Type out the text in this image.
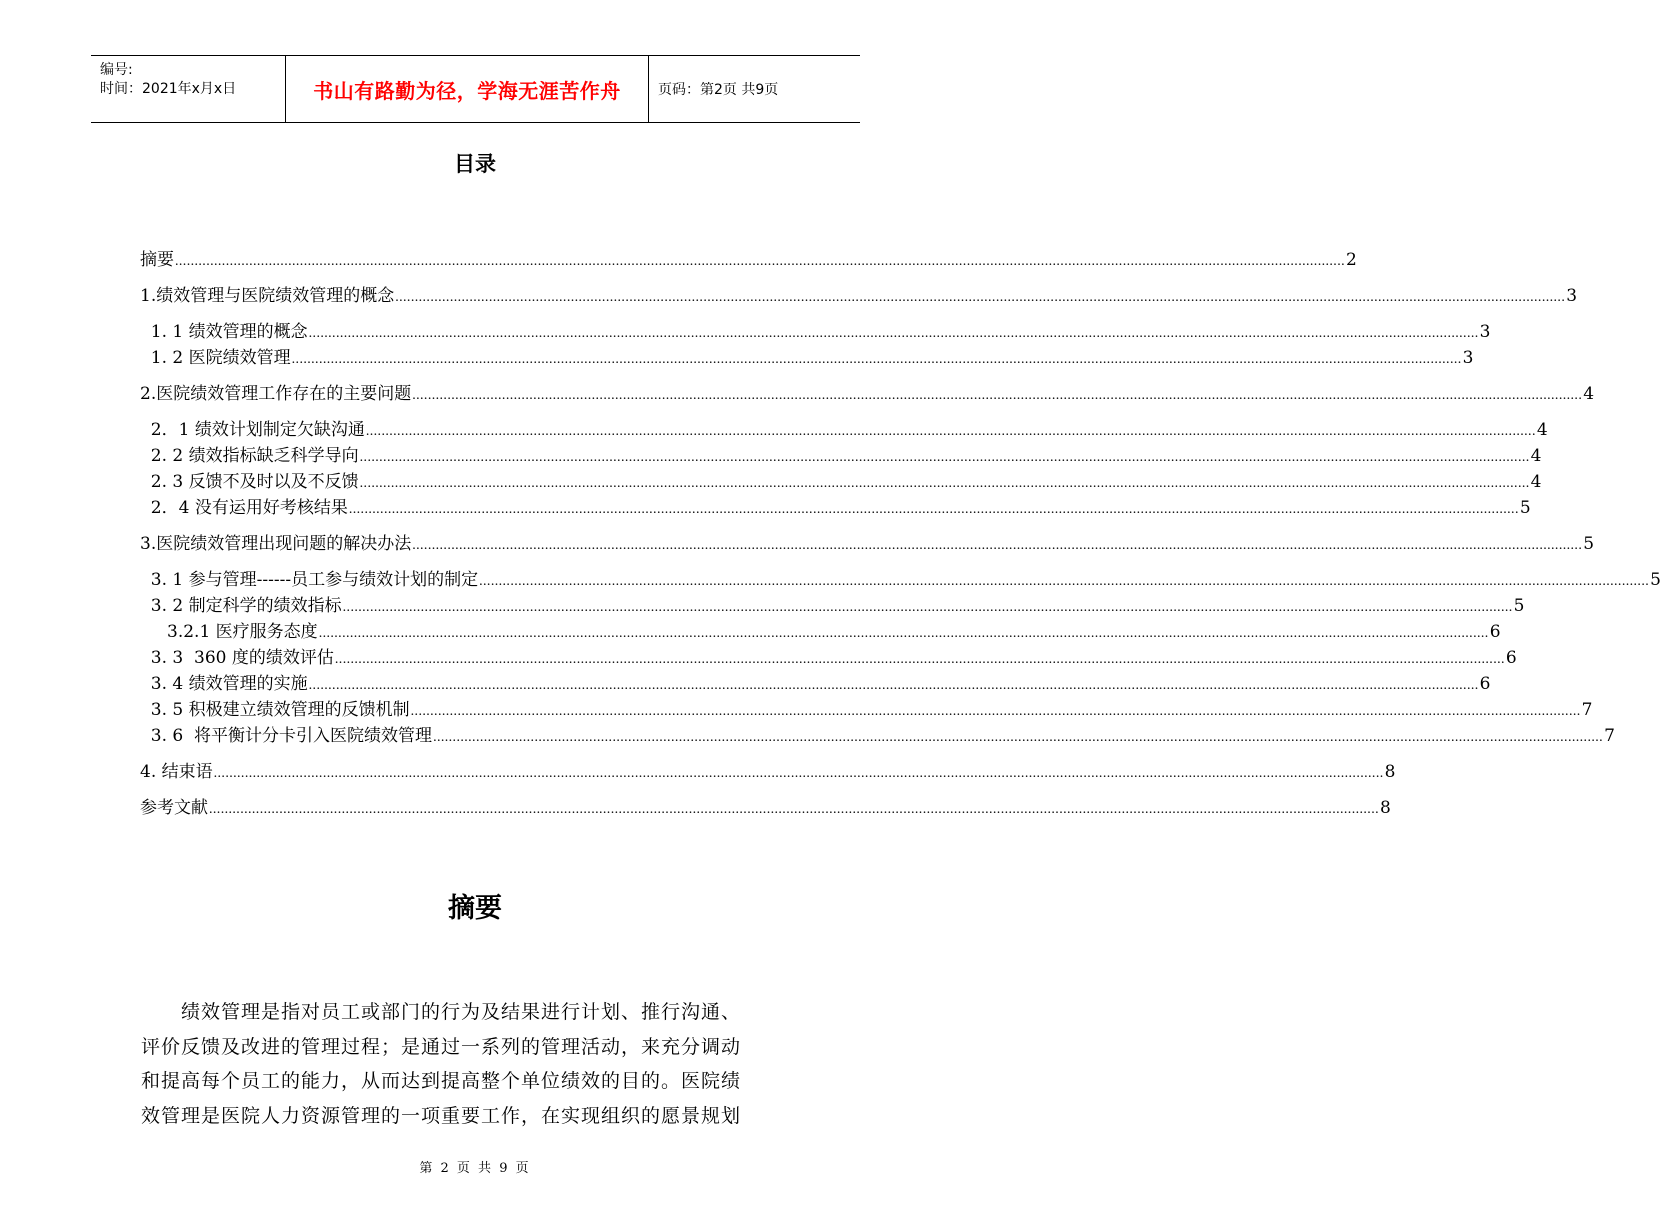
编号:
时间：2021年x月x日	书山有路勤为径，学海无涯苦作舟	页码：第2页 共9页
目录
摘要 ............................................................................................................................................................................................................................................................................................................ 2
1.绩效管理与医院绩效管理的概念 ............................................................................................................................................................................................................................................................................................................ 3
1. 1 绩效管理的概念 ............................................................................................................................................................................................................................................................................................................ 3
1. 2 医院绩效管理 ............................................................................................................................................................................................................................................................................................................ 3
2.医院绩效管理工作存在的主要问题 ............................................................................................................................................................................................................................................................................................................ 4
2．1 绩效计划制定欠缺沟通 ............................................................................................................................................................................................................................................................................................................ 4
2. 2 绩效指标缺乏科学导向 ............................................................................................................................................................................................................................................................................................................ 4
2. 3 反馈不及时以及不反馈 ............................................................................................................................................................................................................................................................................................................ 4
2．4 没有运用好考核结果 ............................................................................................................................................................................................................................................................................................................ 5
3.医院绩效管理出现问题的解决办法 ............................................................................................................................................................................................................................................................................................................ 5
3. 1 参与管理------员工参与绩效计划的制定 ............................................................................................................................................................................................................................................................................................................ 5
3. 2 制定科学的绩效指标 ............................................................................................................................................................................................................................................................................................................ 5
3.2.1 医疗服务态度 ............................................................................................................................................................................................................................................................................................................ 6
3. 3  360 度的绩效评估 ............................................................................................................................................................................................................................................................................................................ 6
3. 4 绩效管理的实施 ............................................................................................................................................................................................................................................................................................................ 6
3. 5 积极建立绩效管理的反馈机制 ............................................................................................................................................................................................................................................................................................................ 7
3. 6  将平衡计分卡引入医院绩效管理 ............................................................................................................................................................................................................................................................................................................ 7
4. 结束语 ............................................................................................................................................................................................................................................................................................................ 8
参考文献 ............................................................................................................................................................................................................................................................................................................ 8
摘要
　　绩效管理是指对员工或部门的行为及结果进行计划、推行沟通、
评价反馈及改进的管理过程；是通过一系列的管理活动，来充分调动
和提高每个员工的能力，从而达到提高整个单位绩效的目的。医院绩
效管理是医院人力资源管理的一项重要工作，在实现组织的愿景规划
第 2 页 共 9 页
